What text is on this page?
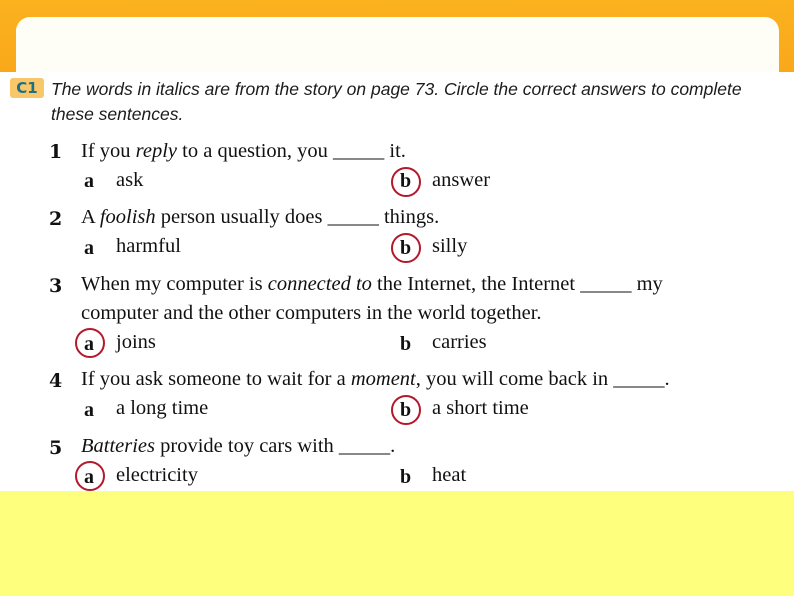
C1 The words in italics are from the story on page 73. Circle the correct answers to complete
these sentences.
1 If you reply to a question, you _____ it.
a ask	b answer
2 A foolish person usually does _____ things.
a harmful	b silly
3 When my computer is connected to the Internet, the Internet _____ my
computer and the other computers in the world together.
a joins	b carries
4 If you ask someone to wait for a moment, you will come back in _____.
a a long time	b a short time
5 Batteries provide toy cars with _____.
a electricity	b heat
